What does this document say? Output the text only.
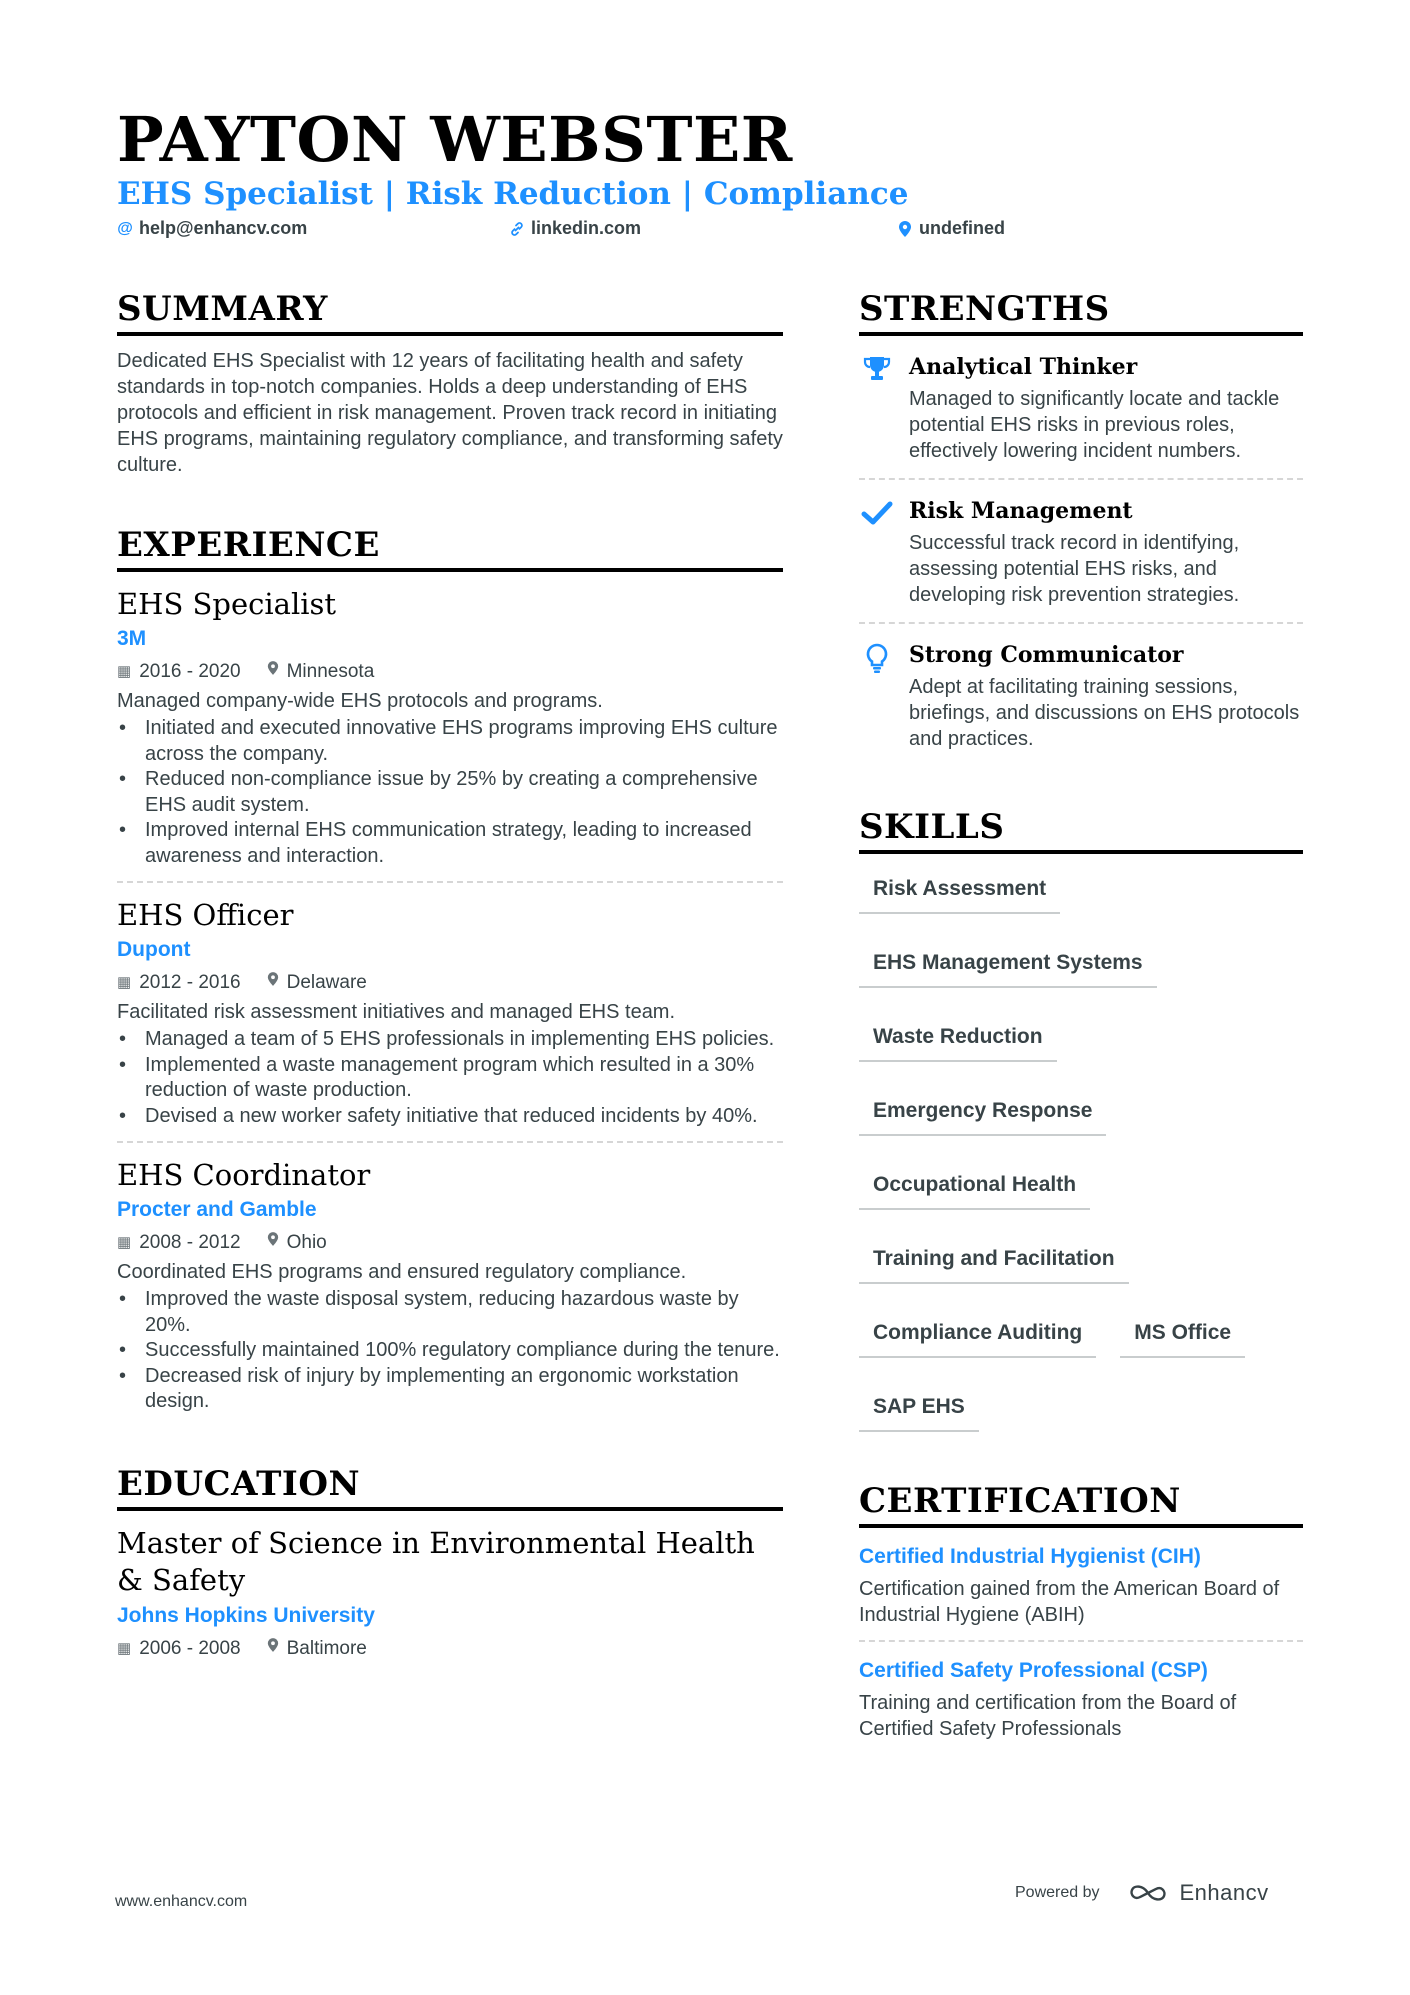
PAYTON WEBSTER
EHS Specialist | Risk Reduction | Compliance
@ help@enhancv.com	linkedin.com	undefined
SUMMARY
Dedicated EHS Specialist with 12 years of facilitating health and safety standards in top-notch companies. Holds a deep understanding of EHS protocols and efficient in risk management. Proven track record in initiating EHS programs, maintaining regulatory compliance, and transforming safety culture.
EXPERIENCE
EHS Specialist
3M
▦ 2016 - 2020 Minnesota
Managed company-wide EHS protocols and programs.
• Initiated and executed innovative EHS programs improving EHS culture across the company.
• Reduced non-compliance issue by 25% by creating a comprehensive EHS audit system.
• Improved internal EHS communication strategy, leading to increased awareness and interaction.
EHS Officer
Dupont
▦ 2012 - 2016 Delaware
Facilitated risk assessment initiatives and managed EHS team.
• Managed a team of 5 EHS professionals in implementing EHS policies.
• Implemented a waste management program which resulted in a 30% reduction of waste production.
• Devised a new worker safety initiative that reduced incidents by 40%.
EHS Coordinator
Procter and Gamble
▦ 2008 - 2012 Ohio
Coordinated EHS programs and ensured regulatory compliance.
• Improved the waste disposal system, reducing hazardous waste by 20%.
• Successfully maintained 100% regulatory compliance during the tenure.
• Decreased risk of injury by implementing an ergonomic workstation design.
EDUCATION
Master of Science in Environmental Health & Safety
Johns Hopkins University
▦ 2006 - 2008 Baltimore
STRENGTHS
Analytical Thinker
Managed to significantly locate and tackle potential EHS risks in previous roles, effectively lowering incident numbers.
Risk Management
Successful track record in identifying, assessing potential EHS risks, and developing risk prevention strategies.
Strong Communicator
Adept at facilitating training sessions, briefings, and discussions on EHS protocols and practices.
SKILLS
Risk Assessment
EHS Management Systems
Waste Reduction
Emergency Response
Occupational Health
Training and Facilitation
Compliance Auditing	MS Office
SAP EHS
CERTIFICATION
Certified Industrial Hygienist (CIH)
Certification gained from the American Board of Industrial Hygiene (ABIH)
Certified Safety Professional (CSP)
Training and certification from the Board of Certified Safety Professionals
www.enhancv.com
Powered by	Enhancv
